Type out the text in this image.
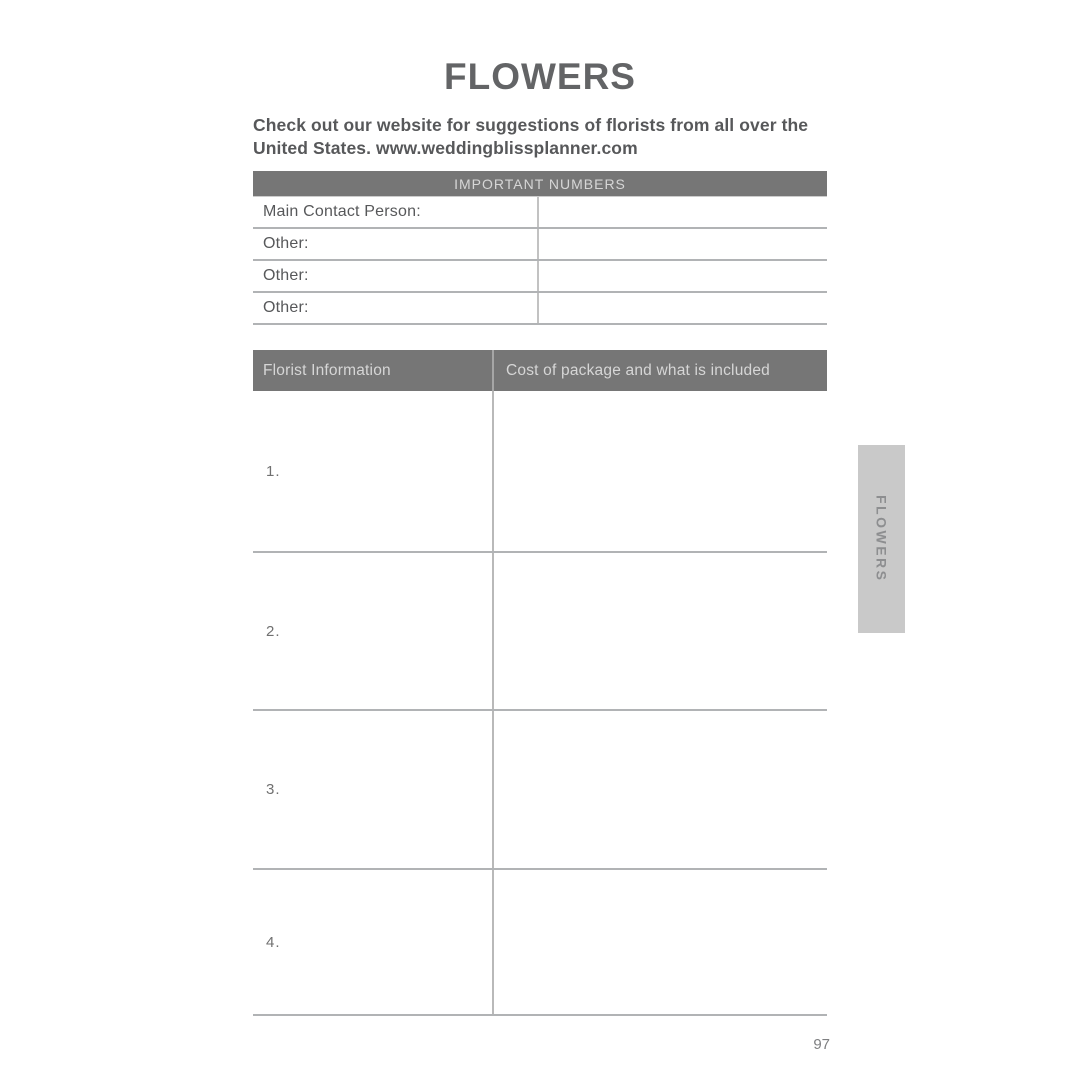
FLOWERS

Check out our website for suggestions of florists from all over the United States. www.weddingblissplanner.com

IMPORTANT NUMBERS
Main Contact Person:
Other:
Other:
Other:
Florist Information	Cost of package and what is included
1.
2.
3.
4.
FLOWERS
97
